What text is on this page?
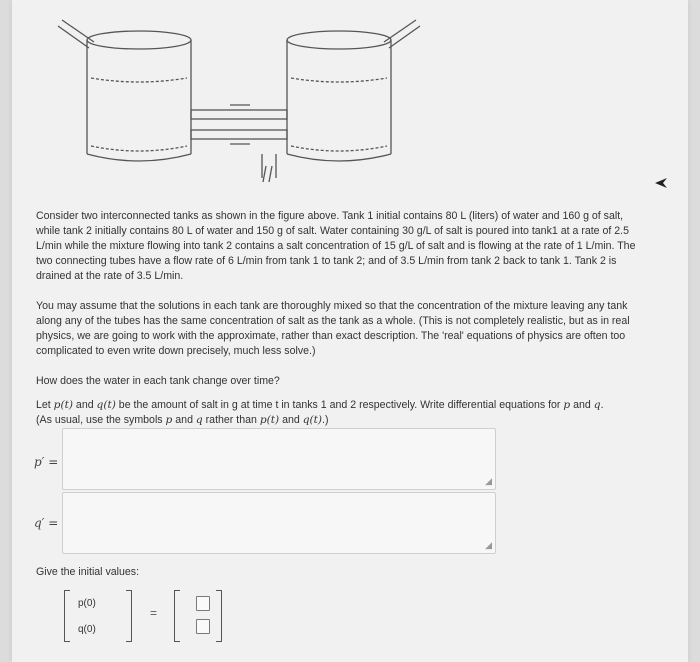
Consider two interconnected tanks as shown in the figure above. Tank 1 initial contains 80 L (liters) of water and 160 g of salt, while tank 2 initially contains 80 L of water and 150 g of salt. Water containing 30 g/L of salt is poured into tank1 at a rate of 2.5 L/min while the mixture flowing into tank 2 contains a salt concentration of 15 g/L of salt and is flowing at the rate of 1 L/min. The two connecting tubes have a flow rate of 6 L/min from tank 1 to tank 2; and of 3.5 L/min from tank 2 back to tank 1. Tank 2 is drained at the rate of 3.5 L/min.
You may assume that the solutions in each tank are thoroughly mixed so that the concentration of the mixture leaving any tank along any of the tubes has the same concentration of salt as the tank as a whole. (This is not completely realistic, but as in real physics, we are going to work with the approximate, rather than exact description. The 'real' equations of physics are often too complicated to even write down precisely, much less solve.)
How does the water in each tank change over time?
Let p(t) and q(t) be the amount of salt in g at time t in tanks 1 and 2 respectively. Write differential equations for p and q.
(As usual, use the symbols p and q rather than p(t) and q(t).)
p′ =
◢
q′ =
◢
Give the initial values:
p(0)
q(0)
=
